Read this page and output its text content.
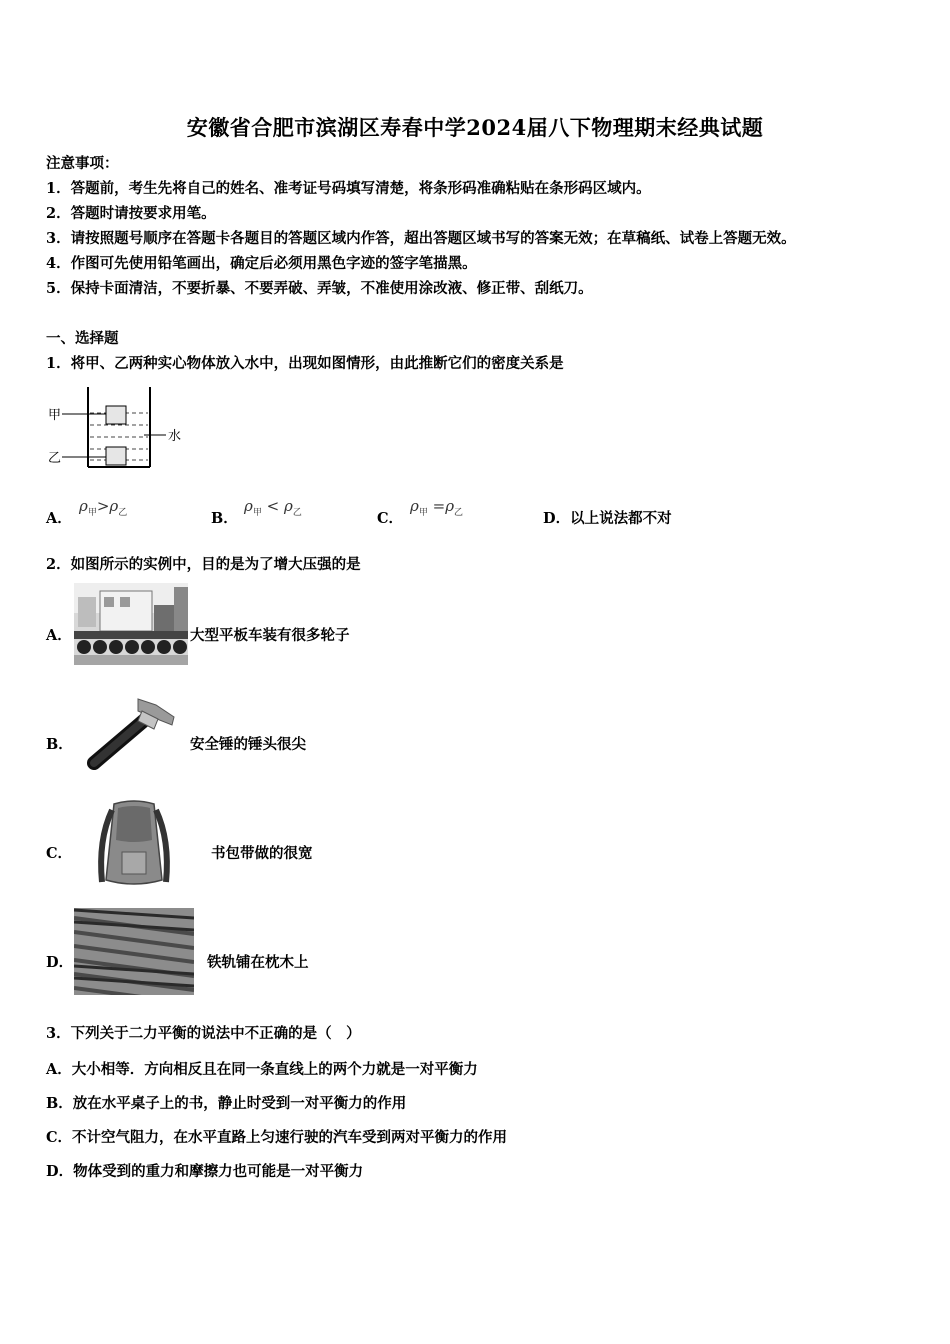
安徽省合肥市滨湖区寿春中学2024届八下物理期末经典试题
注意事项：
1．答题前，考生先将自己的姓名、准考证号码填写清楚，将条形码准确粘贴在条形码区域内。
2．答题时请按要求用笔。
3．请按照题号顺序在答题卡各题目的答题区域内作答，超出答题区域书写的答案无效；在草稿纸、试卷上答题无效。
4．作图可先使用铅笔画出，确定后必须用黑色字迹的签字笔描黑。
5．保持卡面清洁，不要折暴、不要弄破、弄皱，不准使用涂改液、修正带、刮纸刀。
一、选择题
1．将甲、乙两种实心物体放入水中，出现如图情形，由此推断它们的密度关系是
甲
乙
水
A．
$\rho_甲>\rho_乙$	B．
$\rho_甲 < \rho_乙$	C．
$\rho_甲 =\rho_乙$	D．以上说法都不对
2．如图所示的实例中，目的是为了增大压强的是
A．	大型平板车装有很多轮子
B．	安全锤的锤头很尖
C．	书包带做的很宽
D．	铁轨铺在枕木上
3．下列关于二力平衡的说法中不正确的是（　）
A．大小相等．方向相反且在同一条直线上的两个力就是一对平衡力
B．放在水平桌子上的书，静止时受到一对平衡力的作用
C．不计空气阻力，在水平直路上匀速行驶的汽车受到两对平衡力的作用
D．物体受到的重力和摩擦力也可能是一对平衡力
